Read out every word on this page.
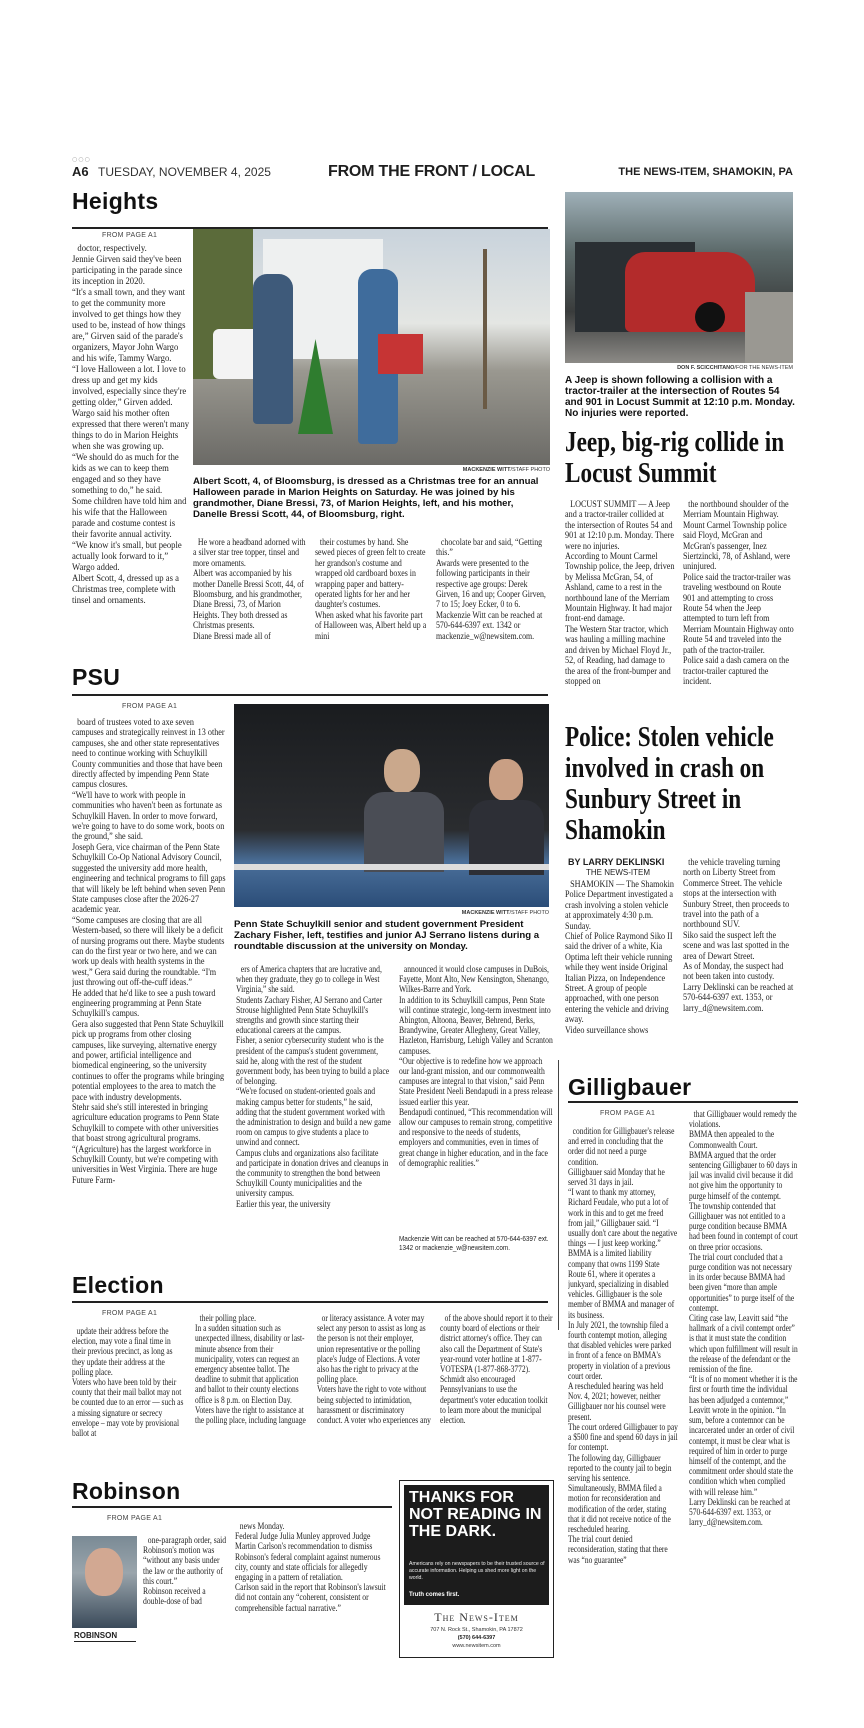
○○○
A6 TUESDAY, NOVEMBER 4, 2025	FROM THE FRONT / LOCAL	THE NEWS-ITEM, SHAMOKIN, PA
Heights
FROM PAGE A1
doctor, respectively.
Jennie Girven said they've been participating in the parade since its inception in 2020.
“It's a small town, and they want to get the community more involved to get things how they used to be, instead of how things are,” Girven said of the parade's organizers, Mayor John Wargo and his wife, Tammy Wargo.
“I love Halloween a lot. I love to dress up and get my kids involved, especially since they're getting older,” Girven added.
Wargo said his mother often expressed that there weren't many things to do in Marion Heights when she was growing up.
“We should do as much for the kids as we can to keep them engaged and so they have something to do,” he said.
Some children have told him and his wife that the Halloween parade and costume contest is their favorite annual activity.
“We know it's small, but people actually look forward to it,” Wargo added.
Albert Scott, 4, dressed up as a Christmas tree, complete with tinsel and ornaments.
MACKENZIE WITT/STAFF PHOTO
Albert Scott, 4, of Bloomsburg, is dressed as a Christmas tree for an annual Halloween parade in Marion Heights on Saturday. He was joined by his grandmother, Diane Bressi, 73, of Marion Heights, left, and his mother, Danelle Bressi Scott, 44, of Bloomsburg, right.
He wore a headband adorned with a silver star tree topper, tinsel and more ornaments.
Albert was accompanied by his mother Danelle Bressi Scott, 44, of Bloomsburg, and his grandmother, Diane Bressi, 73, of Marion Heights. They both dressed as Christmas presents.
Diane Bressi made all of
their costumes by hand. She sewed pieces of green felt to create her grandson's costume and wrapped old cardboard boxes in wrapping paper and battery-operated lights for her and her daughter's costumes.
When asked what his favorite part of Halloween was, Albert held up a mini
chocolate bar and said, “Getting this.”
Awards were presented to the following participants in their respective age groups: Derek Girven, 16 and up; Cooper Girven, 7 to 15; Joey Ecker, 0 to 6.
Mackenzie Witt can be reached at 570-644-6397 ext. 1342 or mackenzie_w@newsitem.com.
DON F. SCICCHITANO/FOR THE NEWS-ITEM
A Jeep is shown following a collision with a tractor-trailer at the intersection of Routes 54 and 901 in Locust Summit at 12:10 p.m. Monday. No injuries were reported.
Jeep, big-rig collide in Locust Summit
LOCUST SUMMIT — A Jeep and a tractor-trailer collided at the intersection of Routes 54 and 901 at 12:10 p.m. Monday. There were no injuries.
According to Mount Carmel Township police, the Jeep, driven by Melissa McGran, 54, of Ashland, came to a rest in the northbound lane of the Merriam Mountain Highway. It had major front-end damage.
The Western Star tractor, which was hauling a milling machine and driven by Michael Floyd Jr., 52, of Reading, had damage to the area of the front-bumper and stopped on
the northbound shoulder of the Merriam Mountain Highway.
Mount Carmel Township police said Floyd, McGran and McGran's passenger, Inez Siertzincki, 78, of Ashland, were uninjured.
Police said the tractor-trailer was traveling westbound on Route 901 and attempting to cross Route 54 when the Jeep attempted to turn left from Merriam Mountain Highway onto Route 54 and traveled into the path of the tractor-trailer.
Police said a dash camera on the tractor-trailer captured the incident.
PSU
FROM PAGE A1
board of trustees voted to axe seven campuses and strategically reinvest in 13 other campuses, she and other state representatives need to continue working with Schuylkill County communities and those that have been directly affected by impending Penn State campus closures.
“We'll have to work with people in communities who haven't been as fortunate as Schuylkill Haven. In order to move forward, we're going to have to do some work, boots on the ground,” she said.
Joseph Gera, vice chairman of the Penn State Schuylkill Co-Op National Advisory Council, suggested the university add more health, engineering and technical programs to fill gaps that will likely be left behind when seven Penn State campuses close after the 2026-27 academic year.
“Some campuses are closing that are all Western-based, so there will likely be a deficit of nursing programs out there. Maybe students can do the first year or two here, and we can work up deals with health systems in the west,” Gera said during the roundtable. “I'm just throwing out off-the-cuff ideas.”
He added that he'd like to see a push toward engineering programming at Penn State Schuylkill's campus.
Gera also suggested that Penn State Schuylkill pick up programs from other closing campuses, like surveying, alternative energy and power, artificial intelligence and biomedical engineering, so the university continues to offer the programs while bringing potential employees to the area to match the pace with industry developments.
Stehr said she's still interested in bringing agriculture education programs to Penn State Schuylkill to compete with other universities that boast strong agricultural programs.
“(Agriculture) has the largest workforce in Schuylkill County, but we're competing with universities in West Virginia. There are huge Future Farm-
MACKENZIE WITT/STAFF PHOTO
Penn State Schuylkill senior and student government President Zachary Fisher, left, testifies and junior AJ Serrano listens during a roundtable discussion at the university on Monday.
ers of America chapters that are lucrative and, when they graduate, they go to college in West Virginia,” she said.
Students Zachary Fisher, AJ Serrano and Carter Strouse highlighted Penn State Schuylkill's strengths and growth since starting their educational careers at the campus.
Fisher, a senior cybersecurity student who is the president of the campus's student government, said he, along with the rest of the student government body, has been trying to build a place of belonging.
“We're focused on student-oriented goals and making campus better for students,” he said, adding that the student government worked with the administration to design and build a new game room on campus to give students a place to unwind and connect.
Campus clubs and organizations also facilitate and participate in donation drives and cleanups in the community to strengthen the bond between Schuylkill County municipalities and the university campus.
Earlier this year, the university
announced it would close campuses in DuBois, Fayette, Mont Alto, New Kensington, Shenango, Wilkes-Barre and York.
In addition to its Schuylkill campus, Penn State will continue strategic, long-term investment into Abington, Altoona, Beaver, Behrend, Berks, Brandywine, Greater Allegheny, Great Valley, Hazleton, Harrisburg, Lehigh Valley and Scranton campuses.
“Our objective is to redefine how we approach our land-grant mission, and our commonwealth campuses are integral to that vision,” said Penn State President Neeli Bendapudi in a press release issued earlier this year.
Bendapudi continued, “This recommendation will allow our campuses to remain strong, competitive and responsive to the needs of students, employers and communities, even in times of great change in higher education, and in the face of demographic realities.”
Mackenzie Witt can be reached at 570-644-6397 ext. 1342 or mackenzie_w@newsitem.com.
Police: Stolen vehicle involved in crash on Sunbury Street in Shamokin
BY LARRY DEKLINSKI
THE NEWS-ITEM
SHAMOKIN — The Shamokin Police Department investigated a crash involving a stolen vehicle at approximately 4:30 p.m. Sunday.
Chief of Police Raymond Siko II said the driver of a white, Kia Optima left their vehicle running while they went inside Original Italian Pizza, on Independence Street. A group of people approached, with one person entering the vehicle and driving away.
Video surveillance shows
the vehicle traveling turning north on Liberty Street from Commerce Street. The vehicle stops at the intersection with Sunbury Street, then proceeds to travel into the path of a northbound SUV.
Siko said the suspect left the scene and was last spotted in the area of Dewart Street.
As of Monday, the suspect had not been taken into custody.
Larry Deklinski can be reached at 570-644-6397 ext. 1353, or larry_d@newsitem.com.
Gilligbauer
FROM PAGE A1
condition for Gilligbauer's release and erred in concluding that the order did not need a purge condition.
Gilligbauer said Monday that he served 31 days in jail.
“I want to thank my attorney, Richard Feudale, who put a lot of work in this and to get me freed from jail,” Gilligbauer said. “I usually don't care about the negative things — I just keep working.”
BMMA is a limited liability company that owns 1199 State Route 61, where it operates a junkyard, specializing in disabled vehicles. Gilligbauer is the sole member of BMMA and manager of its business.
In July 2021, the township filed a fourth contempt motion, alleging that disabled vehicles were parked in front of a fence on BMMA's property in violation of a previous court order.
A rescheduled hearing was held Nov. 4, 2021; however, neither Gilligbauer nor his counsel were present.
The court ordered Gilligbauer to pay a $500 fine and spend 60 days in jail for contempt.
The following day, Gilligbauer reported to the county jail to begin serving his sentence. Simultaneously, BMMA filed a motion for reconsideration and modification of the order, stating that it did not receive notice of the rescheduled hearing.
The trial court denied reconsideration, stating that there was “no guarantee”
that Gilligbauer would remedy the violations.
BMMA then appealed to the Commonwealth Court.
BMMA argued that the order sentencing Gilligbauer to 60 days in jail was invalid civil because it did not give him the opportunity to purge himself of the contempt.
The township contended that Gilligbauer was not entitled to a purge condition because BMMA had been found in contempt of court on three prior occasions.
The trial court concluded that a purge condition was not necessary in its order because BMMA had been given “more than ample opportunities” to purge itself of the contempt.
Citing case law, Leavitt said “the hallmark of a civil contempt order” is that it must state the condition which upon fulfillment will result in the release of the defendant or the remission of the fine.
“It is of no moment whether it is the first or fourth time the individual has been adjudged a contemnor,” Leavitt wrote in the opinion. “In sum, before a contemnor can be incarcerated under an order of civil contempt, it must be clear what is required of him in order to purge himself of the contempt, and the commitment order should state the condition which when complied with will release him.”
Larry Deklinski can be reached at 570-644-6397 ext. 1353, or larry_d@newsitem.com.
Election
FROM PAGE A1
update their address before the election, may vote a final time in their previous precinct, as long as they update their address at the polling place.
Voters who have been told by their county that their mail ballot may not be counted due to an error — such as a missing signature or secrecy envelope – may vote by provisional ballot at
their polling place.
In a sudden situation such as unexpected illness, disability or last-minute absence from their municipality, voters can request an emergency absentee ballot. The deadline to submit that application and ballot to their county elections office is 8 p.m. on Election Day.
Voters have the right to assistance at the polling place, including language
or literacy assistance. A voter may select any person to assist as long as the person is not their employer, union representative or the polling place's Judge of Elections. A voter also has the right to privacy at the polling place.
Voters have the right to vote without being subjected to intimidation, harassment or discriminatory conduct. A voter who experiences any
of the above should report it to their county board of elections or their district attorney's office. They can also call the Department of State's year-round voter hotline at 1-877-VOTESPA (1-877-868-3772).
Schmidt also encouraged Pennsylvanians to use the department's voter education toolkit to learn more about the municipal election.
Robinson
FROM PAGE A1
ROBINSON
one-paragraph order, said Robinson's motion was “without any basis under the law or the authority of this court.”
Robinson received a double-dose of bad
news Monday.
Federal Judge Julia Munley approved Judge Martin Carlson's recommendation to dismiss Robinson's federal complaint against numerous city, county and state officials for allegedly engaging in a pattern of retaliation.
Carlson said in the report that Robinson's lawsuit did not contain any “coherent, consistent or comprehensible factual narrative.”
THANKS FOR NOT READING IN THE DARK.
Americans rely on newspapers to be their trusted source of accurate information. Helping us shed more light on the world.
Truth comes first.
The News-Item
707 N. Rock St., Shamokin, PA 17872
(570) 644-6397
www.newsitem.com
